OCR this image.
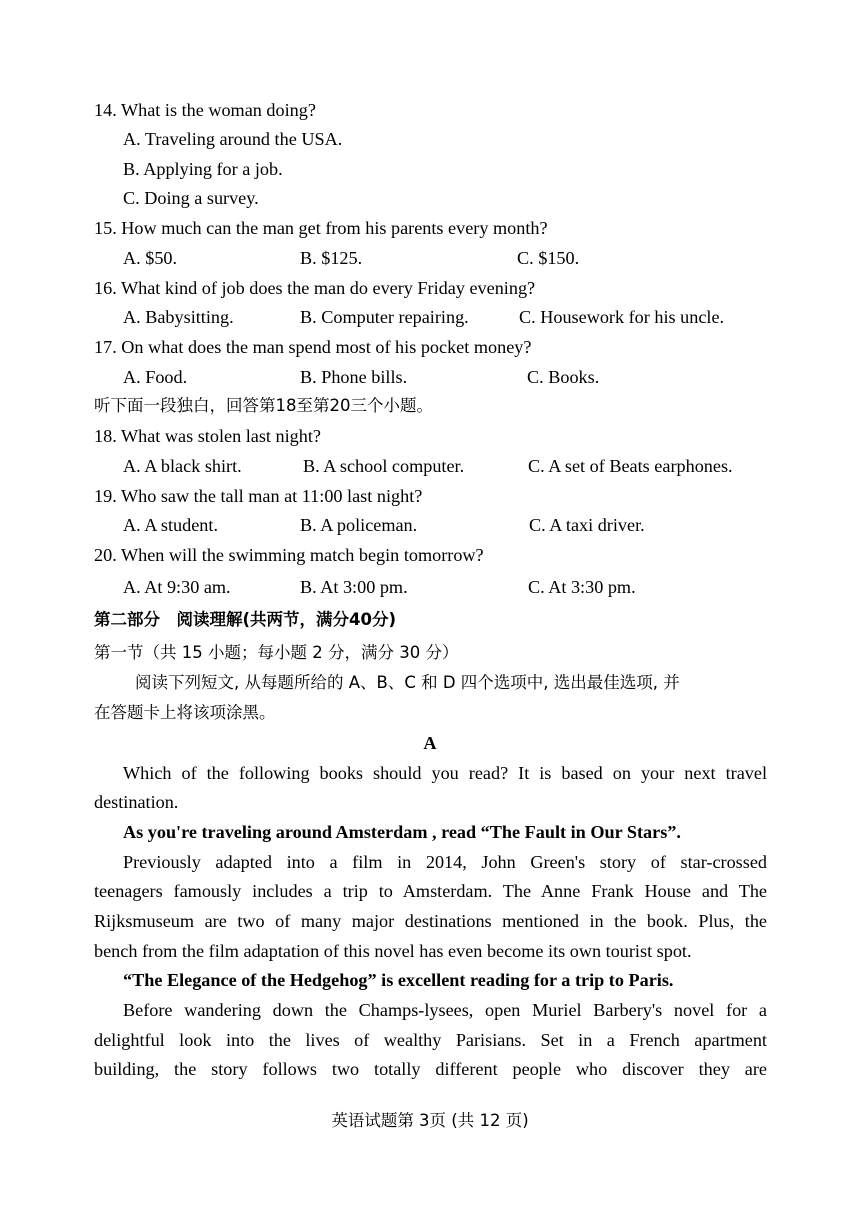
14. What is the woman doing?
A. Traveling around the USA.
B. Applying for a job.
C. Doing a survey.
15. How much can the man get from his parents every month?
A. $50.	B. $125.	C. $150.
16. What kind of job does the man do every Friday evening?
A. Babysitting.	B. Computer repairing.	C. Housework for his uncle.
17. On what does the man spend most of his pocket money?
A. Food.	B. Phone bills.	C. Books.
听下面一段独白，回答第18至第20三个小题。
18. What was stolen last night?
A. A black shirt.	B. A school computer.	C. A set of Beats earphones.
19. Who saw the tall man at 11:00 last night?
A. A student.	B. A policeman.	C. A taxi driver.
20. When will the swimming match begin tomorrow?
A. At 9:30 am.	B. At 3:00 pm.	C. At 3:30 pm.
第二部分　阅读理解(共两节，满分40分)
第一节（共 15 小题；每小题 2 分，满分 30 分）
阅读下列短文, 从每题所给的 A、B、C 和 D 四个选项中, 选出最佳选项, 并
在答题卡上将该项涂黑。
A
Which of the following books should you read? It is based on your next travel
destination.
As you're traveling around Amsterdam , read “The Fault in Our Stars”.
Previously adapted into a film in 2014, John Green's story of star-crossed
teenagers famously includes a trip to Amsterdam. The Anne Frank House and The
Rijksmuseum are two of many major destinations mentioned in the book. Plus, the
bench from the film adaptation of this novel has even become its own tourist spot.
“The Elegance of the Hedgehog” is excellent reading for a trip to Paris.
Before wandering down the Champs-lysees, open Muriel Barbery's novel for a
delightful look into the lives of wealthy Parisians. Set in a French apartment
building, the story follows two totally different people who discover they are
英语试题第 3页 (共 12 页)
